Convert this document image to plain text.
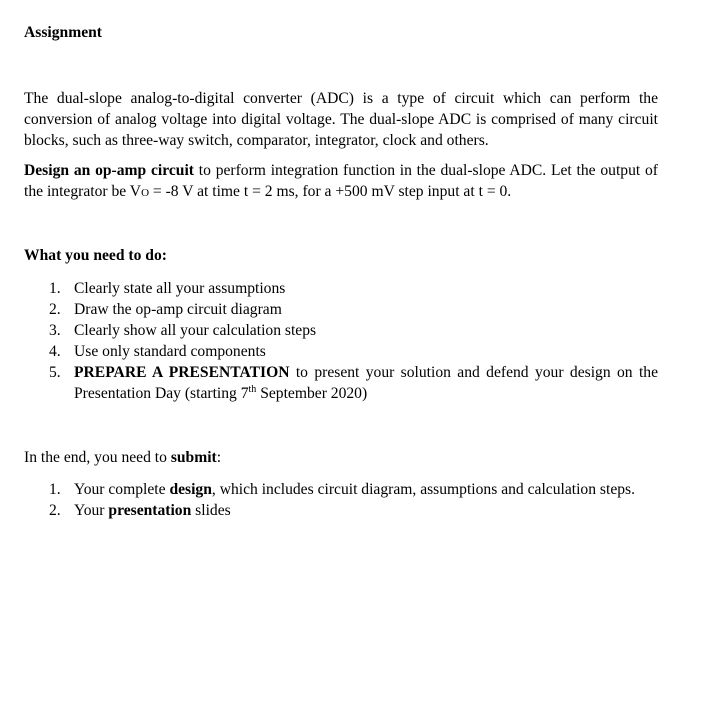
Assignment
The dual-slope analog-to-digital converter (ADC) is a type of circuit which can perform the conversion of analog voltage into digital voltage. The dual-slope ADC is comprised of many circuit blocks, such as three-way switch, comparator, integrator, clock and others.
Design an op-amp circuit to perform integration function in the dual-slope ADC. Let the output of the integrator be VO = -8 V at time t = 2 ms, for a +500 mV step input at t = 0.
What you need to do:
1. Clearly state all your assumptions
2. Draw the op-amp circuit diagram
3. Clearly show all your calculation steps
4. Use only standard components
5. PREPARE A PRESENTATION to present your solution and defend your design on the Presentation Day (starting 7th September 2020)
In the end, you need to submit:
1. Your complete design, which includes circuit diagram, assumptions and calculation steps.
2. Your presentation slides
